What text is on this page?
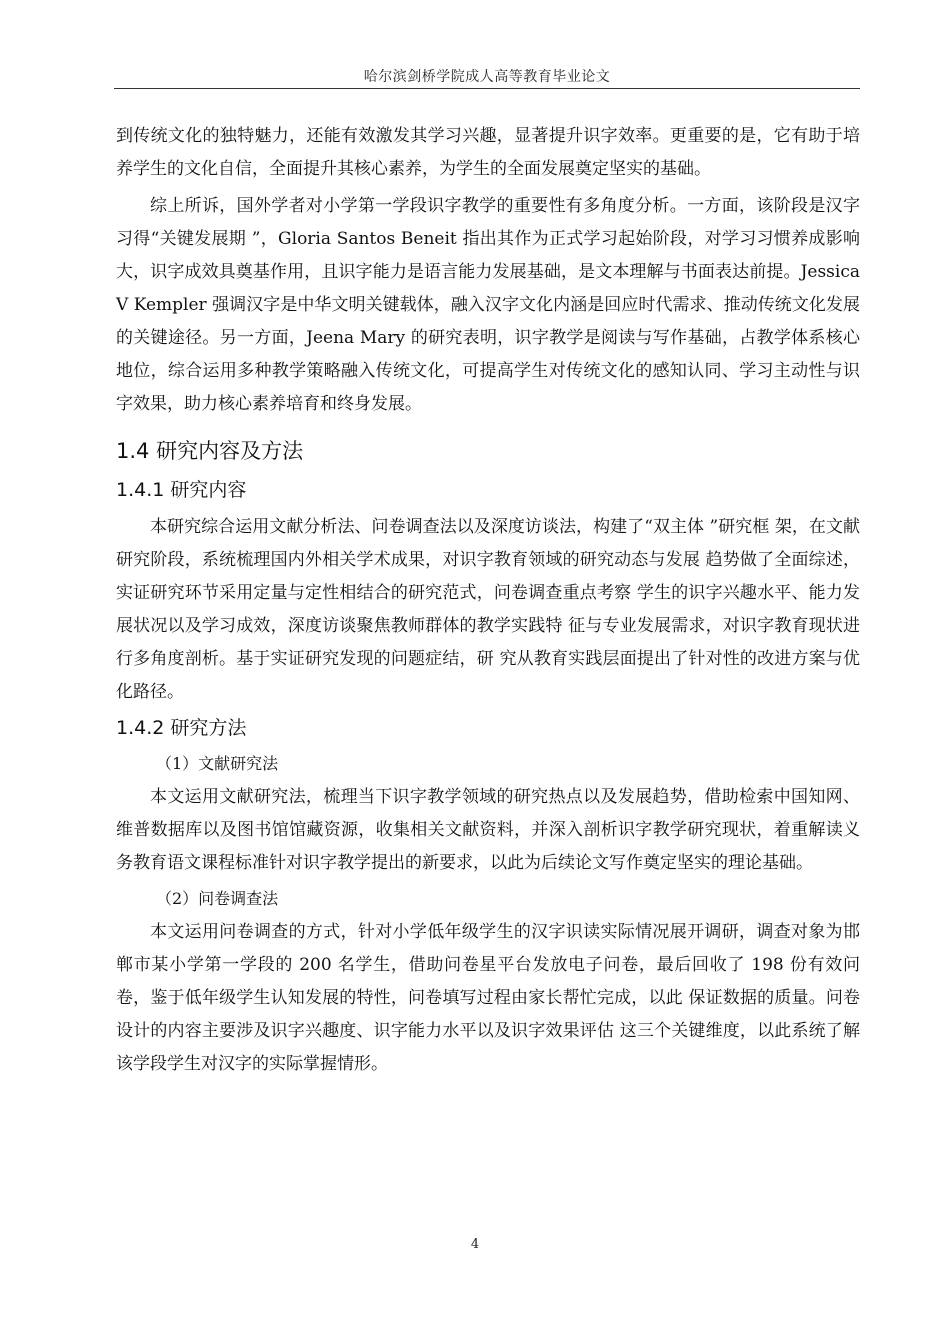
哈尔滨剑桥学院成人高等教育毕业论文

到传统文化的独特魅力，还能有效激发其学习兴趣，显著提升识字效率。更重要的是，它有助于培养学生的文化自信，全面提升其核心素养，为学生的全面发展奠定坚实的基础。

综上所诉，国外学者对小学第一学段识字教学的重要性有多角度分析。一方面，该阶段是汉字习得“关键发展期 ”，Gloria Santos Beneit 指出其作为正式学习起始阶段，对学习习惯养成影响大，识字成效具奠基作用，且识字能力是语言能力发展基础，是文本理解与书面表达前提。Jessica V Kempler 强调汉字是中华文明关键载体，融入汉字文化内涵是回应时代需求、推动传统文化发展的关键途径。另一方面，Jeena Mary 的研究表明，识字教学是阅读与写作基础，占教学体系核心地位，综合运用多种教学策略融入传统文化，可提高学生对传统文化的感知认同、学习主动性与识字效果，助力核心素养培育和终身发展。

1.4 研究内容及方法
1.4.1 研究内容

本研究综合运用文献分析法、问卷调查法以及深度访谈法，构建了“双主体 ”研究框 架，在文献研究阶段，系统梳理国内外相关学术成果，对识字教育领域的研究动态与发展 趋势做了全面综述，实证研究环节采用定量与定性相结合的研究范式，问卷调查重点考察 学生的识字兴趣水平、能力发展状况以及学习成效，深度访谈聚焦教师群体的教学实践特 征与专业发展需求，对识字教育现状进行多角度剖析。基于实证研究发现的问题症结，研 究从教育实践层面提出了针对性的改进方案与优化路径。

1.4.2 研究方法
（1）文献研究法

本文运用文献研究法，梳理当下识字教学领域的研究热点以及发展趋势，借助检索中国知网、维普数据库以及图书馆馆藏资源，收集相关文献资料，并深入剖析识字教学研究现状，着重解读义务教育语文课程标准针对识字教学提出的新要求，以此为后续论文写作奠定坚实的理论基础。

（2）问卷调查法

本文运用问卷调查的方式，针对小学低年级学生的汉字识读实际情况展开调研，调查对象为邯郸市某小学第一学段的 200 名学生，借助问卷星平台发放电子问卷，最后回收了 198 份有效问卷，鉴于低年级学生认知发展的特性，问卷填写过程由家长帮忙完成，以此 保证数据的质量。问卷设计的内容主要涉及识字兴趣度、识字能力水平以及识字效果评估 这三个关键维度，以此系统了解该学段学生对汉字的实际掌握情形。

4
